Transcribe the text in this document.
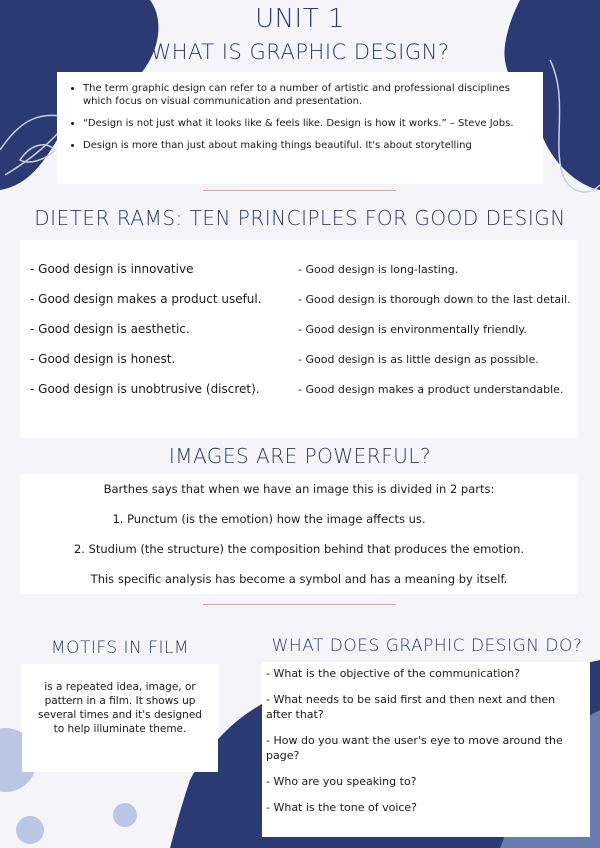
UNIT 1
WHAT IS GRAPHIC DESIGN?
• The term graphic design can refer to a number of artistic and professional disciplines which focus on visual communication and presentation.
• “Design is not just what it looks like & feels like. Design is how it works.” – Steve Jobs.
• Design is more than just about making things beautiful. It's about storytelling
DIETER RAMS: TEN PRINCIPLES FOR GOOD DESIGN

- Good design is innovative

- Good design makes a product useful.

- Good design is aesthetic.

- Good design is honest.

- Good design is unobtrusive (discret).

- Good design is long-lasting.

- Good design is thorough down to the last detail.

- Good design is environmentally friendly.

- Good design is as little design as possible.

- Good design makes a product understandable.

IMAGES ARE POWERFUL?

Barthes says that when we have an image this is divided in 2 parts:

1. Punctum (is the emotion) how the image affects us.

2. Studium (the structure) the composition behind that produces the emotion.

This specific analysis has become a symbol and has a meaning by itself.

MOTIFS IN FILM

is a repeated idea, image, or pattern in a film. It shows up several times and it's designed to help illuminate theme.

WHAT DOES GRAPHIC DESIGN DO?

- What is the objective of the communication?

- What needs to be said first and then next and then after that?

- How do you want the user's eye to move around the page?

- Who are you speaking to?

- What is the tone of voice?
